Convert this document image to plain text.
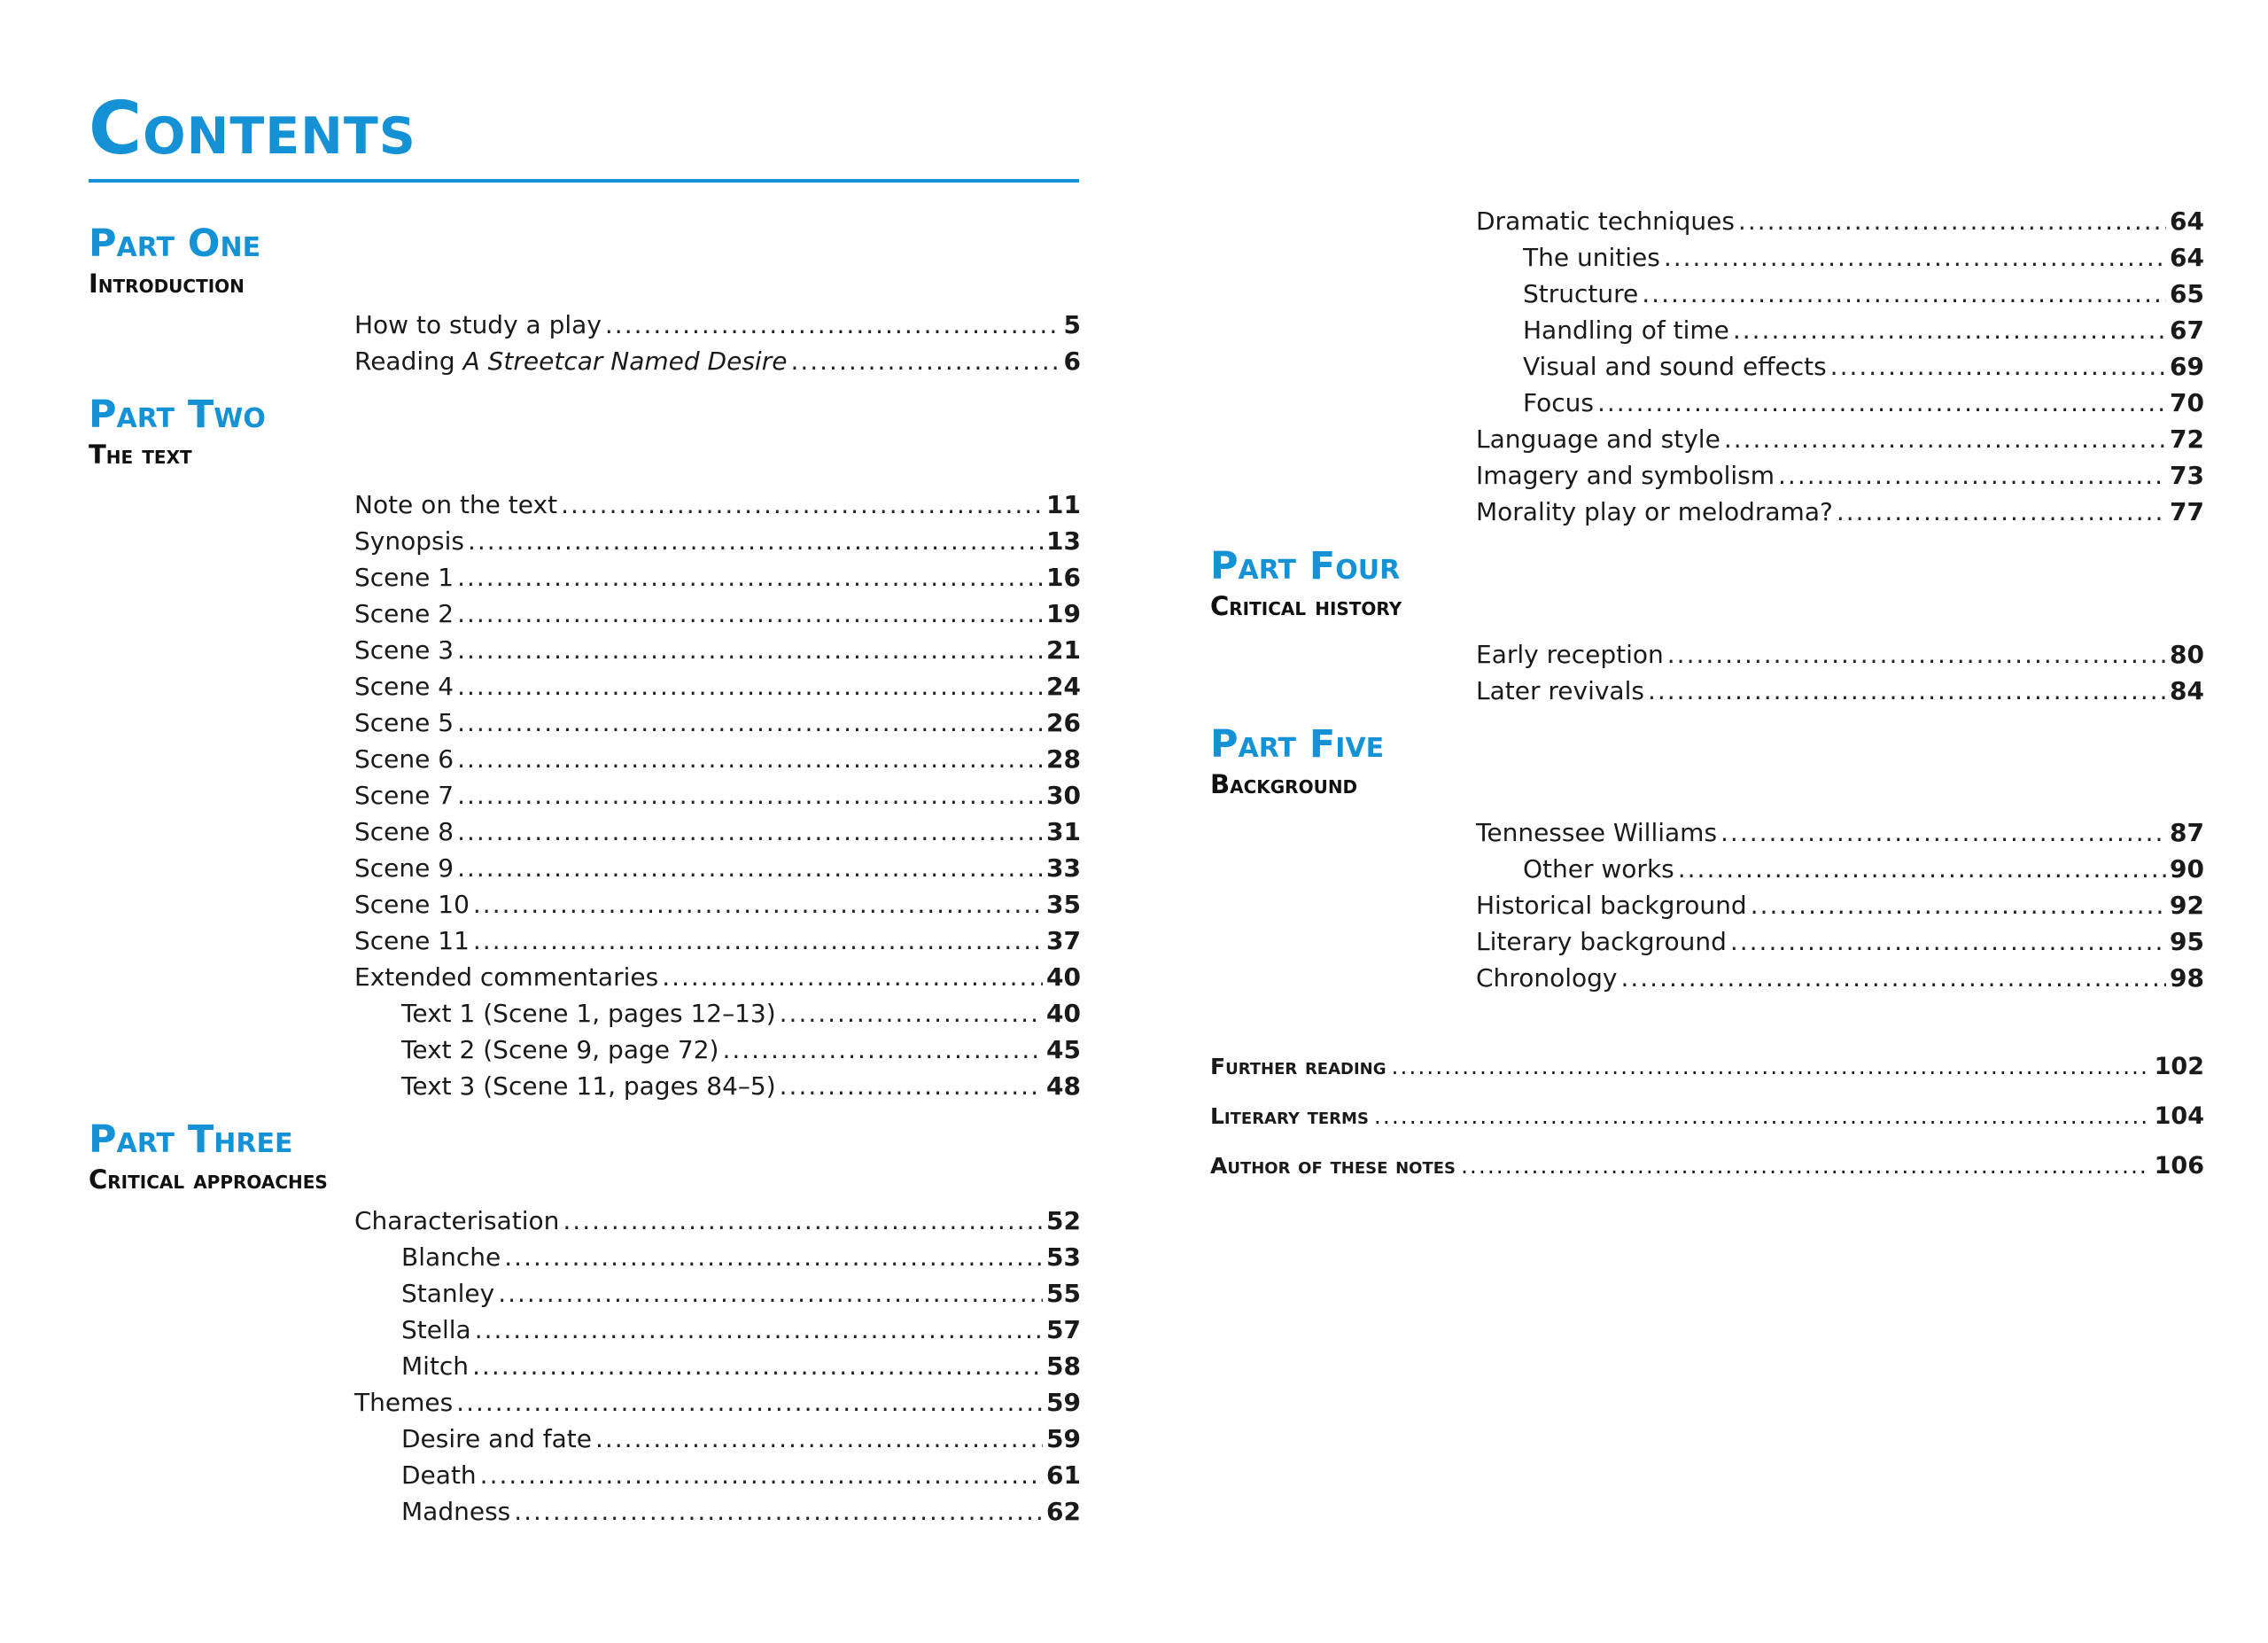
Contents
Part One
Introduction
How to study a play .....	5
Reading A Streetcar Named Desire .....	6
Part Two
The text
Note on the text .....	11
Synopsis .....	13
Scene 1 .....	16
Scene 2 .....	19
Scene 3 .....	21
Scene 4 .....	24
Scene 5 .....	26
Scene 6 .....	28
Scene 7 .....	30
Scene 8 .....	31
Scene 9 .....	33
Scene 10 .....	35
Scene 11 .....	37
Extended commentaries .....	40
Text 1 (Scene 1, pages 12–13) .....	40
Text 2 (Scene 9, page 72) .....	45
Text 3 (Scene 11, pages 84–5) .....	48
Part Three
Critical approaches
Characterisation .....	52
Blanche .....	53
Stanley .....	55
Stella .....	57
Mitch .....	58
Themes .....	59
Desire and fate .....	59
Death .....	61
Madness .....	62
Dramatic techniques .....	64
The unities .....	64
Structure .....	65
Handling of time .....	67
Visual and sound effects .....	69
Focus .....	70
Language and style .....	72
Imagery and symbolism .....	73
Morality play or melodrama? .....	77
Part Four
Critical history
Early reception .....	80
Later revivals .....	84
Part Five
Background
Tennessee Williams .....	87
Other works .....	90
Historical background .....	92
Literary background .....	95
Chronology .....	98
Further reading .....	102
Literary terms .....	104
Author of these notes .....	106
